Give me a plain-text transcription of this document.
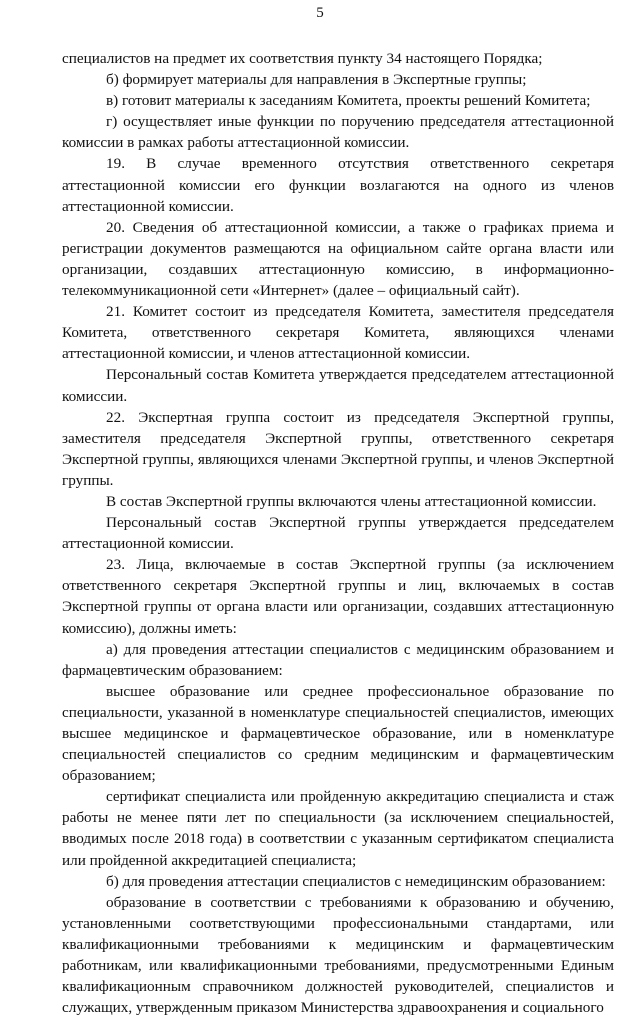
5

специалистов на предмет их соответствия пункту 34 настоящего Порядка;

б) формирует материалы для направления в Экспертные группы;

в) готовит материалы к заседаниям Комитета, проекты решений Комитета;

г) осуществляет иные функции по поручению председателя аттестационной комиссии в рамках работы аттестационной комиссии.

19. В случае временного отсутствия ответственного секретаря аттестационной комиссии его функции возлагаются на одного из членов аттестационной комиссии.

20. Сведения об аттестационной комиссии, а также о графиках приема и регистрации документов размещаются на официальном сайте органа власти или организации, создавших аттестационную комиссию, в информационно-телекоммуникационной сети «Интернет» (далее – официальный сайт).

21. Комитет состоит из председателя Комитета, заместителя председателя Комитета, ответственного секретаря Комитета, являющихся членами аттестационной комиссии, и членов аттестационной комиссии.

Персональный состав Комитета утверждается председателем аттестационной комиссии.

22. Экспертная группа состоит из председателя Экспертной группы, заместителя председателя Экспертной группы, ответственного секретаря Экспертной группы, являющихся членами Экспертной группы, и членов Экспертной группы.

В состав Экспертной группы включаются члены аттестационной комиссии.

Персональный состав Экспертной группы утверждается председателем аттестационной комиссии.

23. Лица, включаемые в состав Экспертной группы (за исключением ответственного секретаря Экспертной группы и лиц, включаемых в состав Экспертной группы от органа власти или организации, создавших аттестационную комиссию), должны иметь:

а) для проведения аттестации специалистов с медицинским образованием и фармацевтическим образованием:

высшее образование или среднее профессиональное образование по специальности, указанной в номенклатуре специальностей специалистов, имеющих высшее медицинское и фармацевтическое образование, или в номенклатуре специальностей специалистов со средним медицинским и фармацевтическим образованием;

сертификат специалиста или пройденную аккредитацию специалиста и стаж работы не менее пяти лет по специальности (за исключением специальностей, вводимых после 2018 года) в соответствии с указанным сертификатом специалиста или пройденной аккредитацией специалиста;

б) для проведения аттестации специалистов с немедицинским образованием:

образование в соответствии с требованиями к образованию и обучению, установленными соответствующими профессиональными стандартами, или квалификационными требованиями к медицинским и фармацевтическим работникам, или квалификационными требованиями, предусмотренными Единым квалификационным справочником должностей руководителей, специалистов и служащих, утвержденным приказом Министерства здравоохранения и социального
